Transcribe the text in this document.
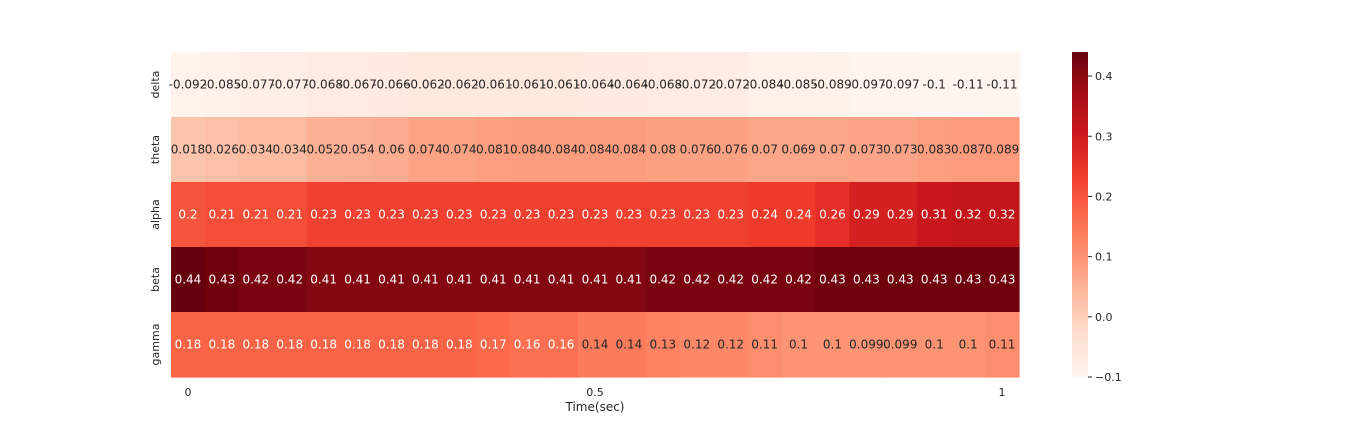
-0.092
-0.085
-0.077
-0.077
-0.068
-0.067
-0.066
-0.062
-0.062
-0.061
-0.061
-0.061
-0.064
-0.064
-0.068
-0.072
-0.072
-0.084
-0.085
-0.089
-0.097
-0.097 -0.1 -0.11 -0.11
0.018 0.026 0.034 0.034 0.052 0.054 0.06 0.074 0.074 0.081 0.084 0.084 0.084 0.084 0.08 0.076 0.076 0.07 0.069 0.07 0.073 0.073 0.083 0.087 0.089
0.2 0.21 0.21 0.21 0.23 0.23 0.23 0.23 0.23 0.23 0.23 0.23 0.23 0.23 0.23 0.23 0.23 0.24 0.24 0.26 0.29 0.29 0.31 0.32 0.32
0.44 0.43 0.42 0.42 0.41 0.41 0.41 0.41 0.41 0.41 0.41 0.41 0.41 0.41 0.42 0.42 0.42 0.42 0.42 0.43 0.43 0.43 0.43 0.43 0.43
0.18 0.18 0.18 0.18 0.18 0.18 0.18 0.18 0.18 0.17 0.16 0.16 0.14 0.14 0.13 0.12 0.12 0.11 0.1 0.1 0.099 0.099 0.1 0.1 0.11
delta
theta
alpha
beta
gamma
0	0.5	1
Time(sec)
0.4
0.3
0.2
0.1
0.0
−0.1
